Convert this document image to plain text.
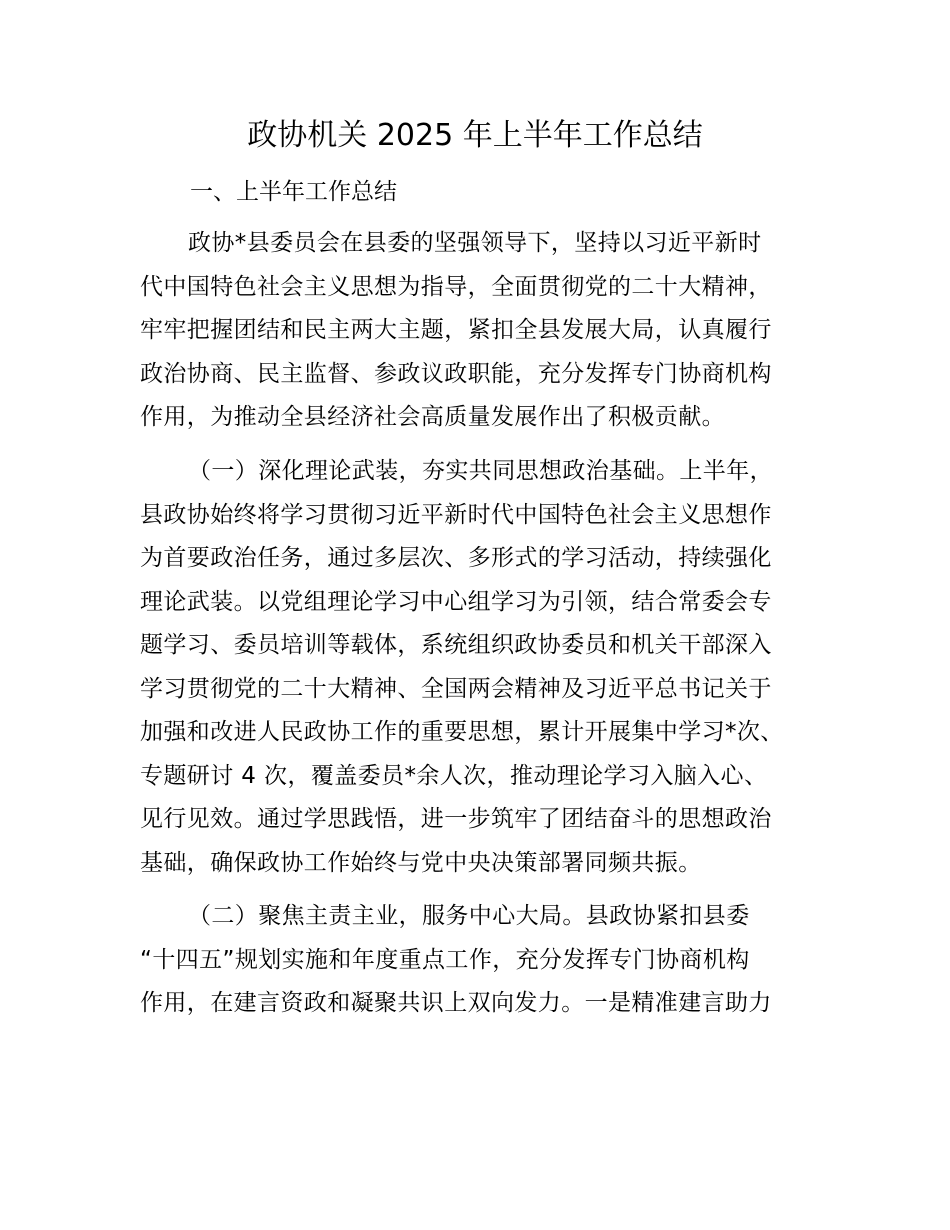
政协机关 2025 年上半年工作总结
一、上半年工作总结
政协*县委员会在县委的坚强领导下，坚持以习近平新时
代中国特色社会主义思想为指导，全面贯彻党的二十大精神，
牢牢把握团结和民主两大主题，紧扣全县发展大局，认真履行
政治协商、民主监督、参政议政职能，充分发挥专门协商机构
作用，为推动全县经济社会高质量发展作出了积极贡献。
（一）深化理论武装，夯实共同思想政治基础。上半年，
县政协始终将学习贯彻习近平新时代中国特色社会主义思想作
为首要政治任务，通过多层次、多形式的学习活动，持续强化
理论武装。以党组理论学习中心组学习为引领，结合常委会专
题学习、委员培训等载体，系统组织政协委员和机关干部深入
学习贯彻党的二十大精神、全国两会精神及习近平总书记关于
加强和改进人民政协工作的重要思想，累计开展集中学习*次、
专题研讨 4 次，覆盖委员*余人次，推动理论学习入脑入心、
见行见效。通过学思践悟，进一步筑牢了团结奋斗的思想政治
基础，确保政协工作始终与党中央决策部署同频共振。
（二）聚焦主责主业，服务中心大局。县政协紧扣县委
“十四五”规划实施和年度重点工作，充分发挥专门协商机构
作用，在建言资政和凝聚共识上双向发力。一是精准建言助力
